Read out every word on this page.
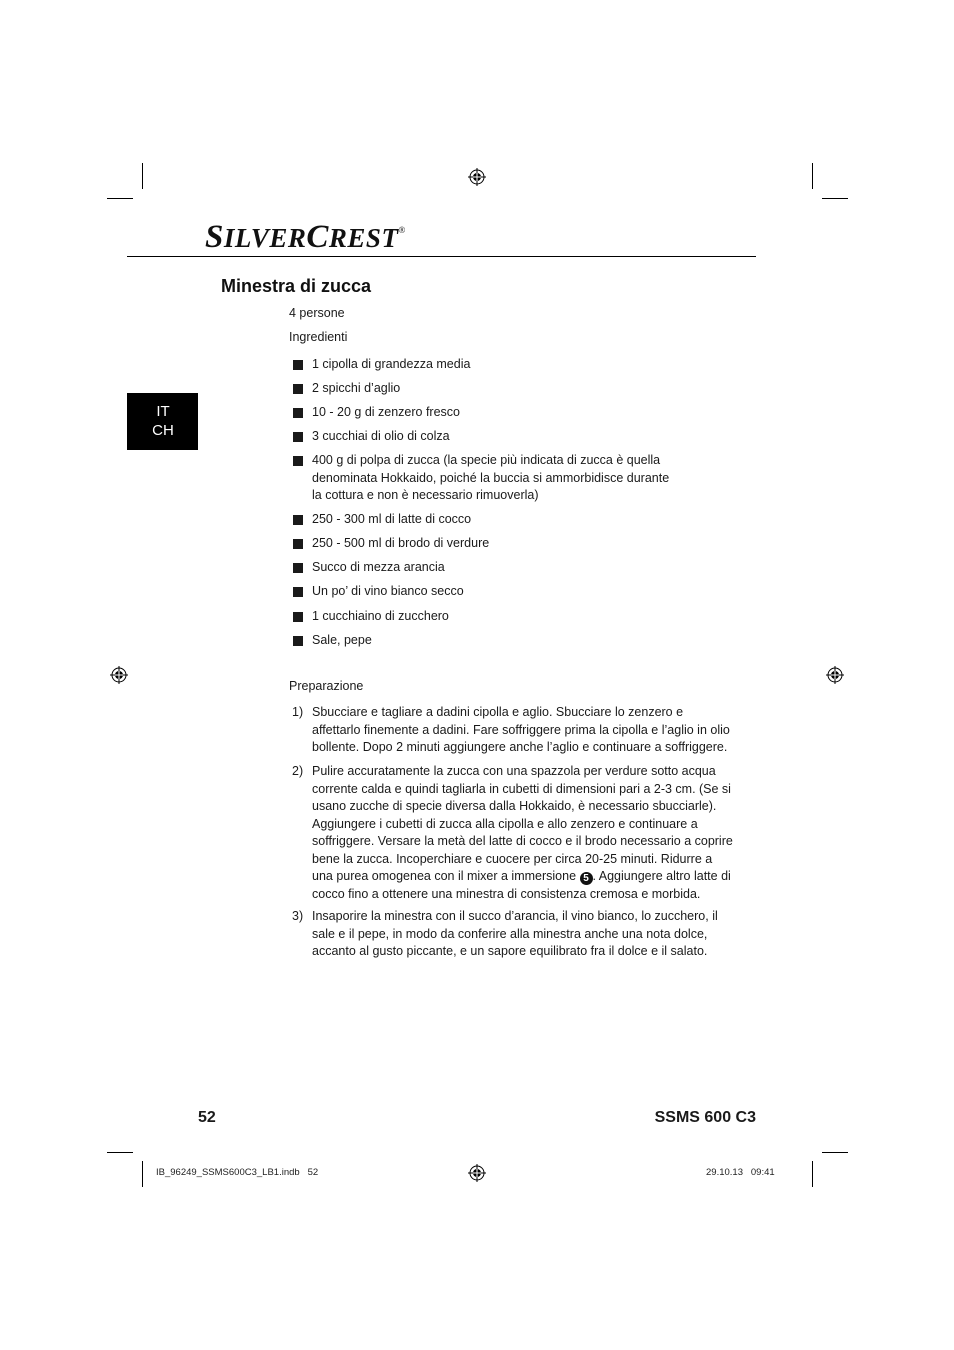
SILVERCREST®
Minestra di zucca
4 persone
Ingredienti
IT
CH
1 cipolla di grandezza media
2 spicchi d’aglio
10 - 20 g di zenzero fresco
3 cucchiai di olio di colza
400 g di polpa di zucca (la specie più indicata di zucca è quella denominata Hokkaido, poiché la buccia si ammorbidisce durante la cottura e non è necessario rimuoverla)
250 - 300 ml di latte di cocco
250 - 500 ml di brodo di verdure
Succo di mezza arancia
Un po’ di vino bianco secco
1 cucchiaino di zucchero
Sale, pepe
Preparazione
1) Sbucciare e tagliare a dadini cipolla e aglio. Sbucciare lo zenzero e affettarlo finemente a dadini. Fare soffriggere prima la cipolla e l’aglio in olio bollente. Dopo 2 minuti aggiungere anche l’aglio e continuare a soffriggere.
2) Pulire accuratamente la zucca con una spazzola per verdure sotto acqua corrente calda e quindi tagliarla in cubetti di dimensioni pari a 2-3 cm. (Se si usano zucche di specie diversa dalla Hokkaido, è necessario sbucciarle). Aggiungere i cubetti di zucca alla cipolla e allo zenzero e continuare a soffriggere. Versare la metà del latte di cocco e il brodo necessario a coprire bene la zucca. Incoperchiare e cuocere per circa 20-25 minuti. Ridurre a una purea omogenea con il mixer a immersione 5 . Aggiungere altro latte di cocco fino a ottenere una minestra di consistenza cremosa e morbida.
3) Insaporire la minestra con il succo d’arancia, il vino bianco, lo zucchero, il sale e il pepe, in modo da conferire alla minestra anche una nota dolce, accanto al gusto piccante, e un sapore equilibrato fra il dolce e il salato.
52	SSMS 600 C3
IB_96249_SSMS600C3_LB1.indb   52	29.10.13   09:41
